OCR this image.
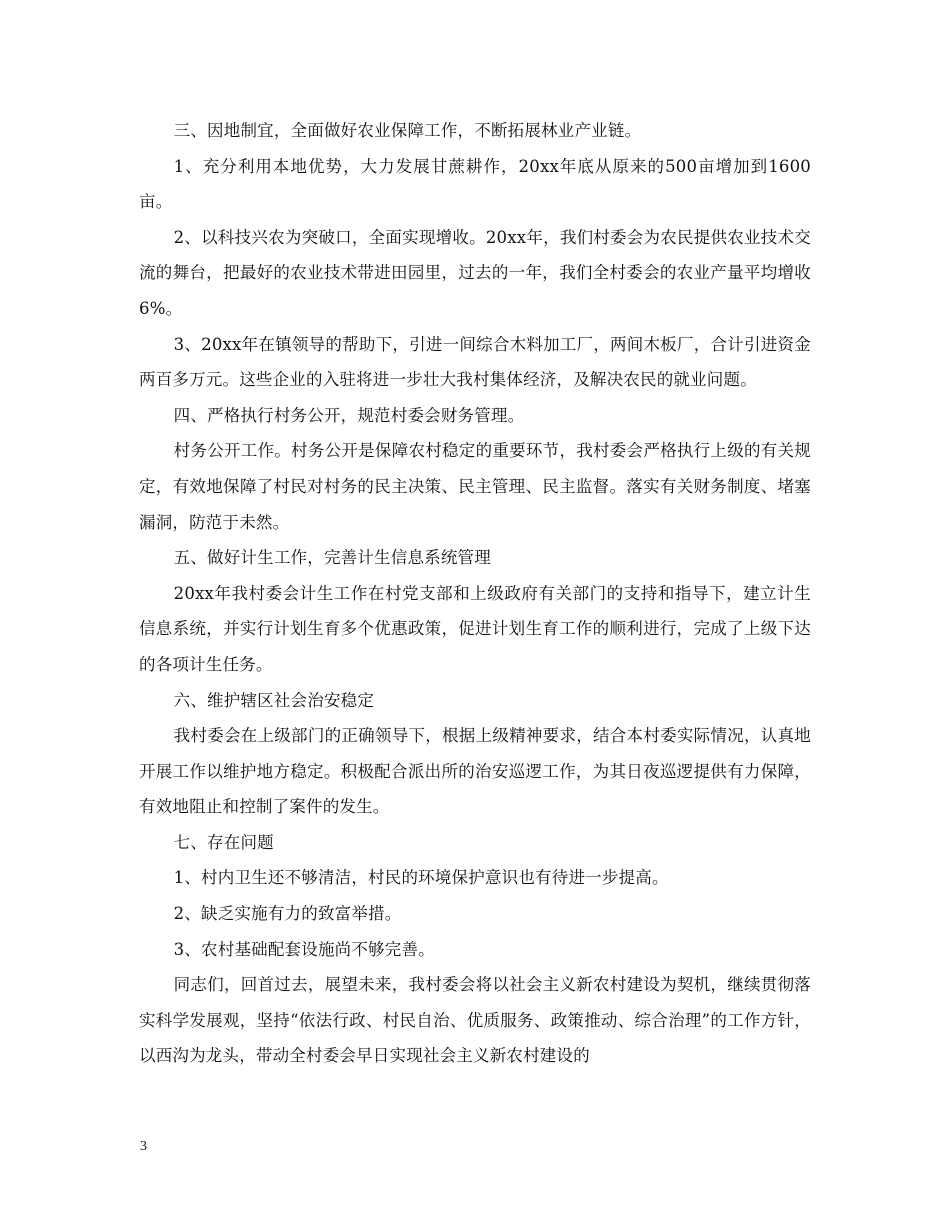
三、因地制宜，全面做好农业保障工作，不断拓展林业产业链。

1、充分利用本地优势，大力发展甘蔗耕作，20xx年底从原来的500亩增加到1600亩。

2、以科技兴农为突破口，全面实现增收。20xx年，我们村委会为农民提供农业技术交流的舞台，把最好的农业技术带进田园里，过去的一年，我们全村委会的农业产量平均增收6%。

3、20xx年在镇领导的帮助下，引进一间综合木料加工厂，两间木板厂，合计引进资金两百多万元。这些企业的入驻将进一步壮大我村集体经济，及解决农民的就业问题。

四、严格执行村务公开，规范村委会财务管理。

村务公开工作。村务公开是保障农村稳定的重要环节，我村委会严格执行上级的有关规定，有效地保障了村民对村务的民主决策、民主管理、民主监督。落实有关财务制度、堵塞漏洞，防范于未然。

五、做好计生工作，完善计生信息系统管理

20xx年我村委会计生工作在村党支部和上级政府有关部门的支持和指导下，建立计生信息系统，并实行计划生育多个优惠政策，促进计划生育工作的顺利进行，完成了上级下达的各项计生任务。

六、维护辖区社会治安稳定

我村委会在上级部门的正确领导下，根据上级精神要求，结合本村委实际情况，认真地开展工作以维护地方稳定。积极配合派出所的治安巡逻工作，为其日夜巡逻提供有力保障，有效地阻止和控制了案件的发生。

七、存在问题

1、村内卫生还不够清洁，村民的环境保护意识也有待进一步提高。

2、缺乏实施有力的致富举措。

3、农村基础配套设施尚不够完善。

同志们，回首过去，展望未来，我村委会将以社会主义新农村建设为契机，继续贯彻落实科学发展观，坚持“依法行政、村民自治、优质服务、政策推动、综合治理”的工作方针，以西沟为龙头，带动全村委会早日实现社会主义新农村建设的

3
